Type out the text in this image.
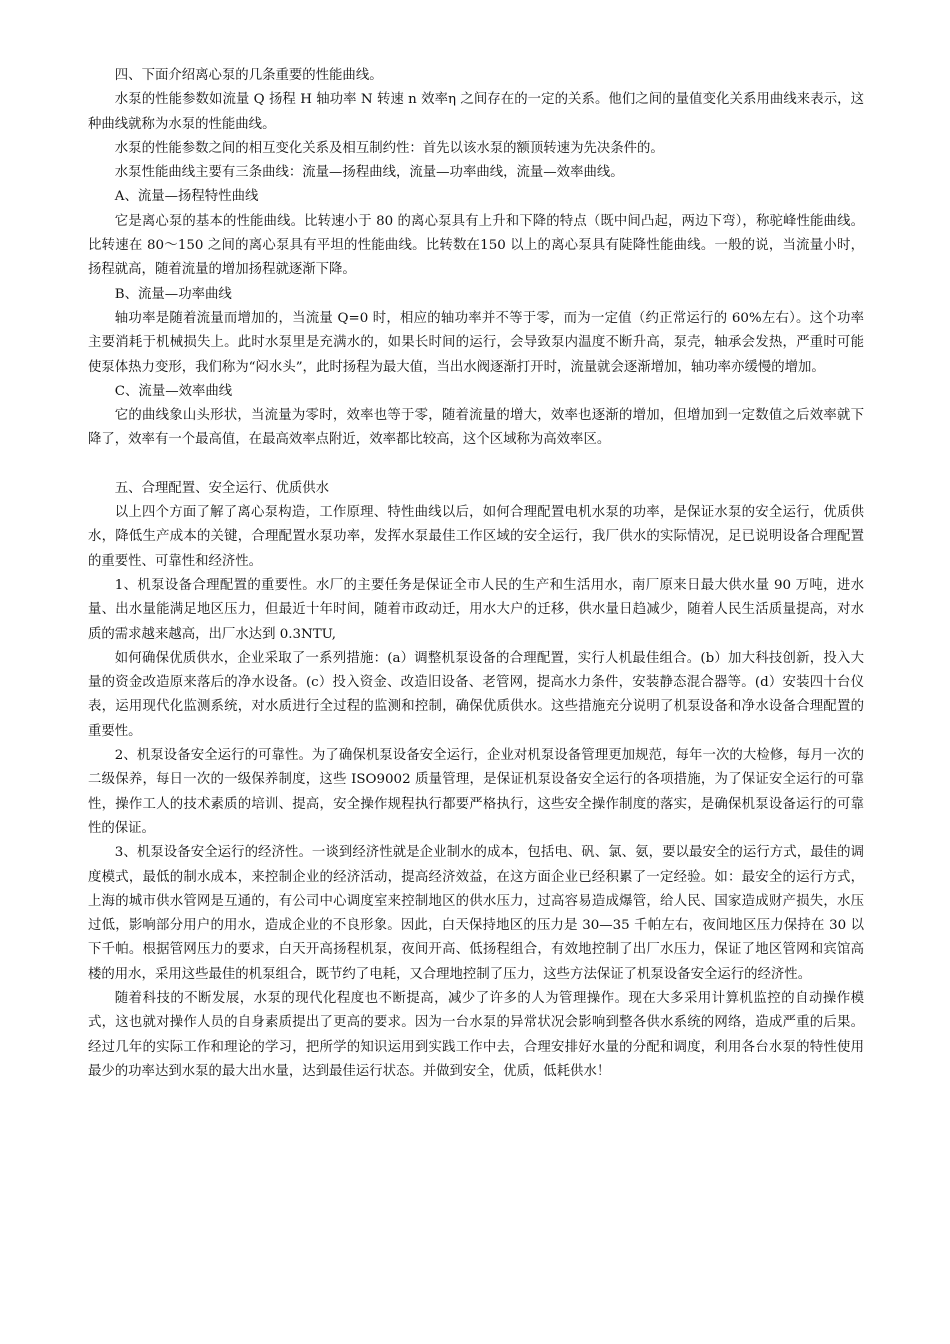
四、下面介绍离心泵的几条重要的性能曲线。

水泵的性能参数如流量 Q 扬程 H 轴功率 N 转速 n 效率η 之间存在的一定的关系。他们之间的量值变化关系用曲线来表示，这种曲线就称为水泵的性能曲线。

水泵的性能参数之间的相互变化关系及相互制约性：首先以该水泵的额顶转速为先决条件的。

水泵性能曲线主要有三条曲线：流量—扬程曲线，流量—功率曲线，流量—效率曲线。

A、流量—扬程特性曲线

它是离心泵的基本的性能曲线。比转速小于 80 的离心泵具有上升和下降的特点（既中间凸起，两边下弯），称驼峰性能曲线。比转速在 80～150 之间的离心泵具有平坦的性能曲线。比转数在150 以上的离心泵具有陡降性能曲线。一般的说，当流量小时，扬程就高，随着流量的增加扬程就逐渐下降。

B、流量—功率曲线

轴功率是随着流量而增加的，当流量 Q=0 时，相应的轴功率并不等于零，而为一定值（约正常运行的 60%左右）。这个功率主要消耗于机械损失上。此时水泵里是充满水的，如果长时间的运行，会导致泵内温度不断升高，泵壳，轴承会发热，严重时可能使泵体热力变形，我们称为“闷水头”，此时扬程为最大值，当出水阀逐渐打开时，流量就会逐渐增加，轴功率亦缓慢的增加。

C、流量—效率曲线

它的曲线象山头形状，当流量为零时，效率也等于零，随着流量的增大，效率也逐渐的增加，但增加到一定数值之后效率就下降了，效率有一个最高值，在最高效率点附近，效率都比较高，这个区域称为高效率区。

五、合理配置、安全运行、优质供水

以上四个方面了解了离心泵构造，工作原理、特性曲线以后，如何合理配置电机水泵的功率，是保证水泵的安全运行，优质供水，降低生产成本的关键，合理配置水泵功率，发挥水泵最佳工作区域的安全运行，我厂供水的实际情况，足已说明设备合理配置的重要性、可靠性和经济性。

1、机泵设备合理配置的重要性。水厂的主要任务是保证全市人民的生产和生活用水，南厂原来日最大供水量 90 万吨，进水量、出水量能满足地区压力，但最近十年时间，随着市政动迁，用水大户的迁移，供水量日趋减少，随着人民生活质量提高，对水质的需求越来越高，出厂水达到 0.3NTU,

如何确保优质供水，企业采取了一系列措施：(a）调整机泵设备的合理配置，实行人机最佳组合。(b）加大科技创新，投入大量的资金改造原来落后的净水设备。(c）投入资金、改造旧设备、老管网，提高水力条件，安装静态混合器等。(d）安装四十台仪表，运用现代化监测系统，对水质进行全过程的监测和控制，确保优质供水。这些措施充分说明了机泵设备和净水设备合理配置的重要性。

2、机泵设备安全运行的可靠性。为了确保机泵设备安全运行，企业对机泵设备管理更加规范，每年一次的大检修，每月一次的二级保养，每日一次的一级保养制度，这些 ISO9002 质量管理，是保证机泵设备安全运行的各项措施，为了保证安全运行的可靠性，操作工人的技术素质的培训、提高，安全操作规程执行都要严格执行，这些安全操作制度的落实，是确保机泵设备运行的可靠性的保证。

3、机泵设备安全运行的经济性。一谈到经济性就是企业制水的成本，包括电、矾、氯、氨，要以最安全的运行方式，最佳的调度模式，最低的制水成本，来控制企业的经济活动，提高经济效益，在这方面企业已经积累了一定经验。如：最安全的运行方式，上海的城市供水管网是互通的，有公司中心调度室来控制地区的供水压力，过高容易造成爆管，给人民、国家造成财产损失，水压过低，影响部分用户的用水，造成企业的不良形象。因此，白天保持地区的压力是 30—35 千帕左右，夜间地区压力保持在 30 以下千帕。根据管网压力的要求，白天开高扬程机泵，夜间开高、低扬程组合，有效地控制了出厂水压力，保证了地区管网和宾馆高楼的用水，采用这些最佳的机泵组合，既节约了电耗，又合理地控制了压力，这些方法保证了机泵设备安全运行的经济性。

随着科技的不断发展，水泵的现代化程度也不断提高，减少了许多的人为管理操作。现在大多采用计算机监控的自动操作模式，这也就对操作人员的自身素质提出了更高的要求。因为一台水泵的异常状况会影响到整各供水系统的网络，造成严重的后果。经过几年的实际工作和理论的学习，把所学的知识运用到实践工作中去，合理安排好水量的分配和调度，利用各台水泵的特性使用最少的功率达到水泵的最大出水量，达到最佳运行状态。并做到安全，优质，低耗供水！
